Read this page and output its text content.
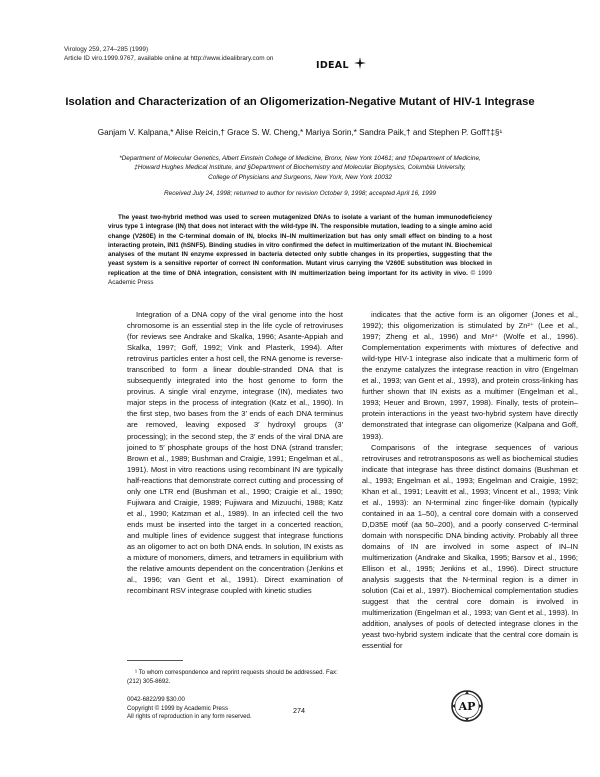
Virology 259, 274–285 (1999)
Article ID viro.1999.9767, available online at http://www.idealibrary.com on
IDEAL
Isolation and Characterization of an Oligomerization-Negative Mutant of HIV-1 Integrase
Ganjam V. Kalpana,* Alise Reicin,† Grace S. W. Cheng,* Mariya Sorin,* Sandra Paik,† and Stephen P. Goff†‡§¹
*Department of Molecular Genetics, Albert Einstein College of Medicine, Bronx, New York 10461; and †Department of Medicine,
‡Howard Hughes Medical Institute, and §Department of Biochemistry and Molecular Biophysics, Columbia University,
College of Physicians and Surgeons, New York, New York 10032
Received July 24, 1998; returned to author for revision October 9, 1998; accepted April 16, 1999
The yeast two-hybrid method was used to screen mutagenized DNAs to isolate a variant of the human immunodeficiency virus type 1 integrase (IN) that does not interact with the wild-type IN. The responsible mutation, leading to a single amino acid change (V260E) in the C-terminal domain of IN, blocks IN–IN multimerization but has only small effect on binding to a host interacting protein, INI1 (hSNF5). Binding studies in vitro confirmed the defect in multimerization of the mutant IN. Biochemical analyses of the mutant IN enzyme expressed in bacteria detected only subtle changes in its properties, suggesting that the yeast system is a sensitive reporter of correct IN conformation. Mutant virus carrying the V260E substitution was blocked in replication at the time of DNA integration, consistent with IN multimerization being important for its activity in vivo. © 1999 Academic Press

Integration of a DNA copy of the viral genome into the host chromosome is an essential step in the life cycle of retroviruses (for reviews see Andrake and Skalka, 1996; Asante-Appiah and Skalka, 1997; Goff, 1992; Vink and Plasterk, 1994). After retrovirus particles enter a host cell, the RNA genome is reverse-transcribed to form a linear double-stranded DNA that is subsequently integrated into the host genome to form the provirus. A single viral enzyme, integrase (IN), mediates two major steps in the process of integration (Katz et al., 1990). In the first step, two bases from the 3′ ends of each DNA terminus are removed, leaving exposed 3′ hydroxyl groups (3′ processing); in the second step, the 3′ ends of the viral DNA are joined to 5′ phosphate groups of the host DNA (strand transfer; Brown et al., 1989; Bushman and Craigie, 1991; Engelman et al., 1991). Most in vitro reactions using recombinant IN are typically half-reactions that demonstrate correct cutting and processing of only one LTR end (Bushman et al., 1990; Craigie et al., 1990; Fujiwara and Craigie, 1989; Fujiwara and Mizuuchi, 1988; Katz et al., 1990; Katzman et al., 1989). In an infected cell the two ends must be inserted into the target in a concerted reaction, and multiple lines of evidence suggest that integrase functions as an oligomer to act on both DNA ends. In solution, IN exists as a mixture of monomers, dimers, and tetramers in equilibrium with the relative amounts dependent on the concentration (Jenkins et al., 1996; van Gent et al., 1991). Direct examination of recombinant RSV integrase coupled with kinetic studies

indicates that the active form is an oligomer (Jones et al., 1992); this oligomerization is stimulated by Zn²⁺ (Lee et al., 1997; Zheng et al., 1996) and Mn²⁺ (Wolfe et al., 1996). Complementation experiments with mixtures of defective and wild-type HIV-1 integrase also indicate that a multimeric form of the enzyme catalyzes the integrase reaction in vitro (Engelman et al., 1993; van Gent et al., 1993), and protein cross-linking has further shown that IN exists as a multimer (Engelman et al., 1993; Heuer and Brown, 1997, 1998). Finally, tests of protein–protein interactions in the yeast two-hybrid system have directly demonstrated that integrase can oligomerize (Kalpana and Goff, 1993).

Comparisons of the integrase sequences of various retroviruses and retrotransposons as well as biochemical studies indicate that integrase has three distinct domains (Bushman et al., 1993; Engelman et al., 1993; Engelman and Craigie, 1992; Khan et al., 1991; Leavitt et al., 1993; Vincent et al., 1993; Vink et al., 1993): an N-terminal zinc finger-like domain (typically contained in aa 1–50), a central core domain with a conserved D,D35E motif (aa 50–200), and a poorly conserved C-terminal domain with nonspecific DNA binding activity. Probably all three domains of IN are involved in some aspect of IN–IN multimerization (Andrake and Skalka, 1995; Barsov et al., 1996; Ellison et al., 1995; Jenkins et al., 1996). Direct structure analysis suggests that the N-terminal region is a dimer in solution (Cai et al., 1997). Biochemical complementation studies suggest that the central core domain is involved in multimerization (Engelman et al., 1993; van Gent et al., 1993). In addition, analyses of pools of detected integrase clones in the yeast two-hybrid system indicate that the central core domain is essential for

¹ To whom correspondence and reprint requests should be addressed. Fax: (212) 305-8692.
0042-6822/99 $30.00
Copyright © 1999 by Academic Press
All rights of reproduction in any form reserved.
274	AP
